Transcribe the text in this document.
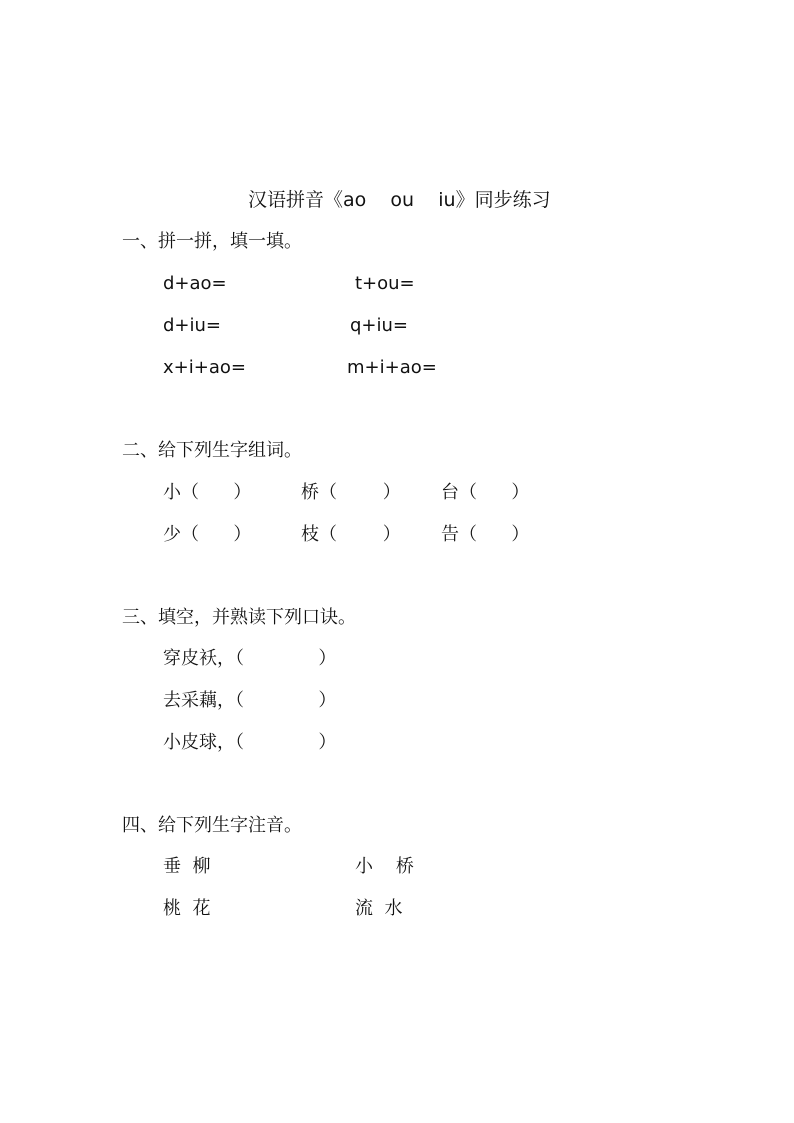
汉语拼音《ao    ou    iu》同步练习
一、拼一拼，填一填。
d+ao=	t+ou=
d+iu=	q+iu=
x+i+ao=	m+i+ao=
二、给下列生字组词。
小（      ）	桥（        ） 台（      ）
少（      ）	枝（        ） 告（      ）
三、填空，并熟读下列口诀。
穿皮袄，（             ）
去采藕，（             ）
小皮球，（             ）
四、给下列生字注音。
垂  柳	小    桥
桃  花	流  水
